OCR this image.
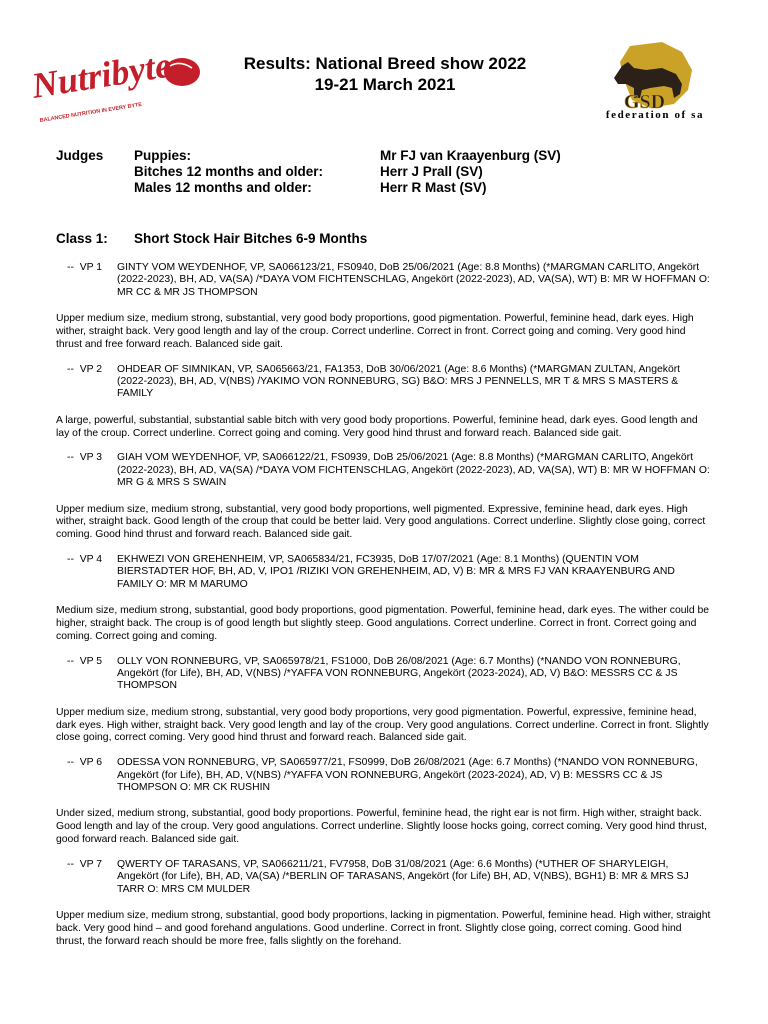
Nutribyte
BALANCED NUTRITION IN EVERY BYTE
Results: National Breed show 2022
19-21 March 2021
GSD
federation of sa
Judges	Puppies:	Mr FJ van Kraayenburg (SV)
Bitches 12 months and older:	Herr J Prall (SV)
Males 12 months and older:	Herr R Mast (SV)
Class 1:	Short Stock Hair Bitches 6-9 Months
--  VP 1	GINTY VOM WEYDENHOF, VP, SA066123/21, FS0940, DoB 25/06/2021 (Age: 8.8 Months) (*MARGMAN CARLITO, Angekört (2022-2023), BH, AD, VA(SA) /*DAYA VOM FICHTENSCHLAG, Angekört (2022-2023), AD, VA(SA), WT) B: MR W HOFFMAN O: MR CC & MR JS THOMPSON
Upper medium size, medium strong, substantial, very good body proportions, good pigmentation. Powerful, feminine head, dark eyes. High wither, straight back. Very good length and lay of the croup. Correct underline. Correct in front. Correct going and coming. Very good hind thrust and free forward reach. Balanced side gait.
--  VP 2	OHDEAR OF SIMNIKAN, VP, SA065663/21, FA1353, DoB 30/06/2021 (Age: 8.6 Months) (*MARGMAN ZULTAN, Angekört (2022-2023), BH, AD, V(NBS) /YAKIMO VON RONNEBURG, SG) B&O: MRS J PENNELLS, MR T & MRS S MASTERS & FAMILY
A large, powerful, substantial, substantial sable bitch with very good body proportions. Powerful, feminine head, dark eyes. Good length and lay of the croup. Correct underline. Correct going and coming. Very good hind thrust and forward reach. Balanced side gait.
--  VP 3	GIAH VOM WEYDENHOF, VP, SA066122/21, FS0939, DoB 25/06/2021 (Age: 8.8 Months) (*MARGMAN CARLITO, Angekört (2022-2023), BH, AD, VA(SA) /*DAYA VOM FICHTENSCHLAG, Angekört (2022-2023), AD, VA(SA), WT) B: MR W HOFFMAN O: MR G & MRS S SWAIN
Upper medium size, medium strong, substantial, very good body proportions, well pigmented. Expressive, feminine head, dark eyes. High wither, straight back. Good length of the croup that could be better laid. Very good angulations. Correct underline. Slightly close going, correct coming. Good hind thrust and forward reach. Balanced side gait.
--  VP 4	EKHWEZI VON GREHENHEIM, VP, SA065834/21, FC3935, DoB 17/07/2021 (Age: 8.1 Months) (QUENTIN VOM BIERSTADTER HOF, BH, AD, V, IPO1 /RIZIKI VON GREHENHEIM, AD, V) B: MR & MRS FJ VAN KRAAYENBURG AND FAMILY O: MR M MARUMO
Medium size, medium strong, substantial, good body proportions, good pigmentation. Powerful, feminine head, dark eyes. The wither could be higher, straight back. The croup is of good length but slightly steep. Good angulations. Correct underline. Correct in front. Correct going and coming. Correct going and coming.
--  VP 5	OLLY VON RONNEBURG, VP, SA065978/21, FS1000, DoB 26/08/2021 (Age: 6.7 Months) (*NANDO VON RONNEBURG, Angekört (for Life), BH, AD, V(NBS) /*YAFFA VON RONNEBURG, Angekört (2023-2024), AD, V) B&O: MESSRS CC & JS THOMPSON
Upper medium size, medium strong, substantial, very good body proportions, very good pigmentation. Powerful, expressive, feminine head, dark eyes. High wither, straight back. Very good length and lay of the croup. Very good angulations. Correct underline. Correct in front. Slightly close going, correct coming. Very good hind thrust and forward reach. Balanced side gait.
--  VP 6	ODESSA VON RONNEBURG, VP, SA065977/21, FS0999, DoB 26/08/2021 (Age: 6.7 Months) (*NANDO VON RONNEBURG, Angekört (for Life), BH, AD, V(NBS) /*YAFFA VON RONNEBURG, Angekört (2023-2024), AD, V) B: MESSRS CC & JS THOMPSON O: MR CK RUSHIN
Under sized, medium strong, substantial, good body proportions. Powerful, feminine head, the right ear is not firm. High wither, straight back. Good length and lay of the croup. Very good angulations. Correct underline. Slightly loose hocks going, correct coming. Very good hind thrust, good forward reach. Balanced side gait.
--  VP 7	QWERTY OF TARASANS, VP, SA066211/21, FV7958, DoB 31/08/2021 (Age: 6.6 Months) (*UTHER OF SHARYLEIGH, Angekört (for Life), BH, AD, VA(SA) /*BERLIN OF TARASANS, Angekört (for Life) BH, AD, V(NBS), BGH1) B: MR & MRS SJ TARR O: MRS CM MULDER
Upper medium size, medium strong, substantial, good body proportions, lacking in pigmentation. Powerful, feminine head. High wither, straight back. Very good hind – and good forehand angulations. Good underline. Correct in front. Slightly close going, correct coming. Good hind thrust, the forward reach should be more free, falls slightly on the forehand.
